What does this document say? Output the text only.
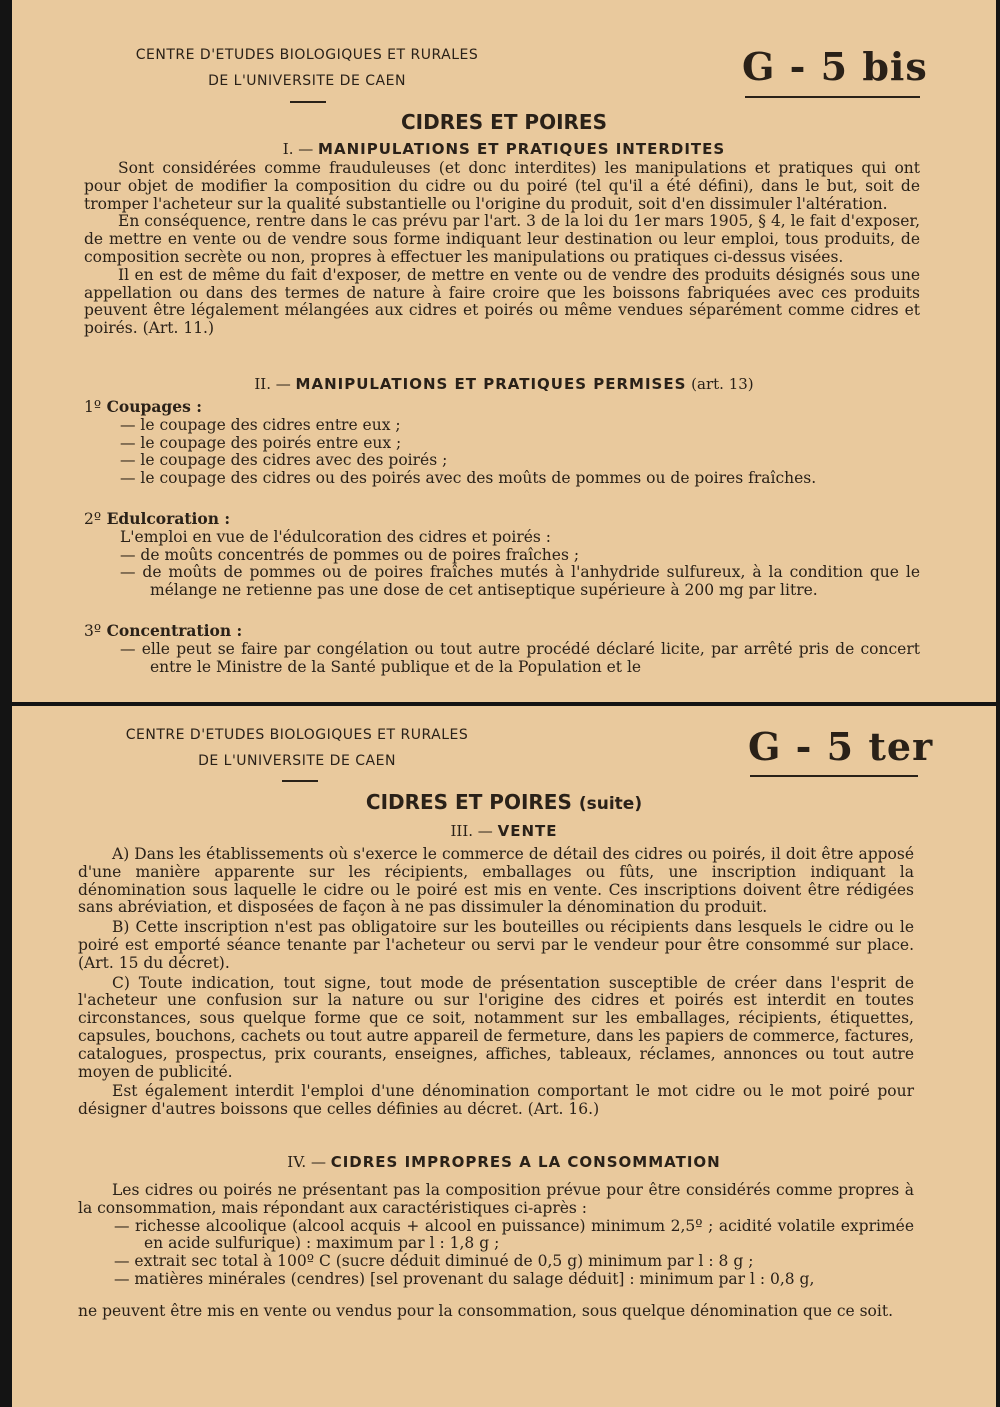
CENTRE D'ETUDES BIOLOGIQUES ET RURALES
DE L'UNIVERSITE DE CAEN	G - 5 bis
CIDRES ET POIRES
I. — MANIPULATIONS ET PRATIQUES INTERDITES

Sont considérées comme frauduleuses (et donc interdites) les manipulations et pratiques qui ont pour objet de modifier la composition du cidre ou du poiré (tel qu'il a été défini), dans le but, soit de tromper l'acheteur sur la qualité substantielle ou l'origine du produit, soit d'en dissimuler l'altération.

En conséquence, rentre dans le cas prévu par l'art. 3 de la loi du 1er mars 1905, § 4, le fait d'exposer, de mettre en vente ou de vendre sous forme indiquant leur destination ou leur emploi, tous produits, de composition secrète ou non, propres à effectuer les manipulations ou pratiques ci-dessus visées.

Il en est de même du fait d'exposer, de mettre en vente ou de vendre des produits désignés sous une appellation ou dans des termes de nature à faire croire que les boissons fabriquées avec ces produits peuvent être légalement mélangées aux cidres et poirés ou même vendues séparément comme cidres et poirés. (Art. 11.)

II. — MANIPULATIONS ET PRATIQUES PERMISES (art. 13)
1º Coupages :
— le coupage des cidres entre eux ;
— le coupage des poirés entre eux ;
— le coupage des cidres avec des poirés ;
— le coupage des cidres ou des poirés avec des moûts de pommes ou de poires fraîches.
2º Edulcoration :
L'emploi en vue de l'édulcoration des cidres et poirés :
— de moûts concentrés de pommes ou de poires fraîches ;
— de moûts de pommes ou de poires fraîches mutés à l'anhydride sulfureux, à la condition que le mélange ne retienne pas une dose de cet antiseptique supérieure à 200 mg par litre.
3º Concentration :
— elle peut se faire par congélation ou tout autre procédé déclaré licite, par arrêté pris de concert entre le Ministre de la Santé publique et de la Population et le
CENTRE D'ETUDES BIOLOGIQUES ET RURALES
DE L'UNIVERSITE DE CAEN	G - 5 ter
CIDRES ET POIRES (suite)
III. — VENTE

A) Dans les établissements où s'exerce le commerce de détail des cidres ou poirés, il doit être apposé d'une manière apparente sur les récipients, emballages ou fûts, une inscription indiquant la dénomination sous laquelle le cidre ou le poiré est mis en vente. Ces inscriptions doivent être rédigées sans abréviation, et disposées de façon à ne pas dissimuler la dénomination du produit.

B) Cette inscription n'est pas obligatoire sur les bouteilles ou récipients dans lesquels le cidre ou le poiré est emporté séance tenante par l'acheteur ou servi par le vendeur pour être consommé sur place. (Art. 15 du décret).

C) Toute indication, tout signe, tout mode de présentation susceptible de créer dans l'esprit de l'acheteur une confusion sur la nature ou sur l'origine des cidres et poirés est interdit en toutes circonstances, sous quelque forme que ce soit, notamment sur les emballages, récipients, étiquettes, capsules, bouchons, cachets ou tout autre appareil de fermeture, dans les papiers de commerce, factures, catalogues, prospectus, prix courants, enseignes, affiches, tableaux, réclames, annonces ou tout autre moyen de publicité.

Est également interdit l'emploi d'une dénomination comportant le mot cidre ou le mot poiré pour désigner d'autres boissons que celles définies au décret. (Art. 16.)

IV. — CIDRES IMPROPRES A LA CONSOMMATION
Les cidres ou poirés ne présentant pas la composition prévue pour être considérés comme propres à la consommation, mais répondant aux caractéristiques ci-après :
— richesse alcoolique (alcool acquis + alcool en puissance) minimum 2,5º ; acidité volatile exprimée en acide sulfurique) : maximum par l : 1,8 g ;
— extrait sec total à 100º C (sucre déduit diminué de 0,5 g) minimum par l : 8 g ;
— matières minérales (cendres) [sel provenant du salage déduit] : minimum par l : 0,8 g,
ne peuvent être mis en vente ou vendus pour la consommation, sous quelque dénomination que ce soit.
